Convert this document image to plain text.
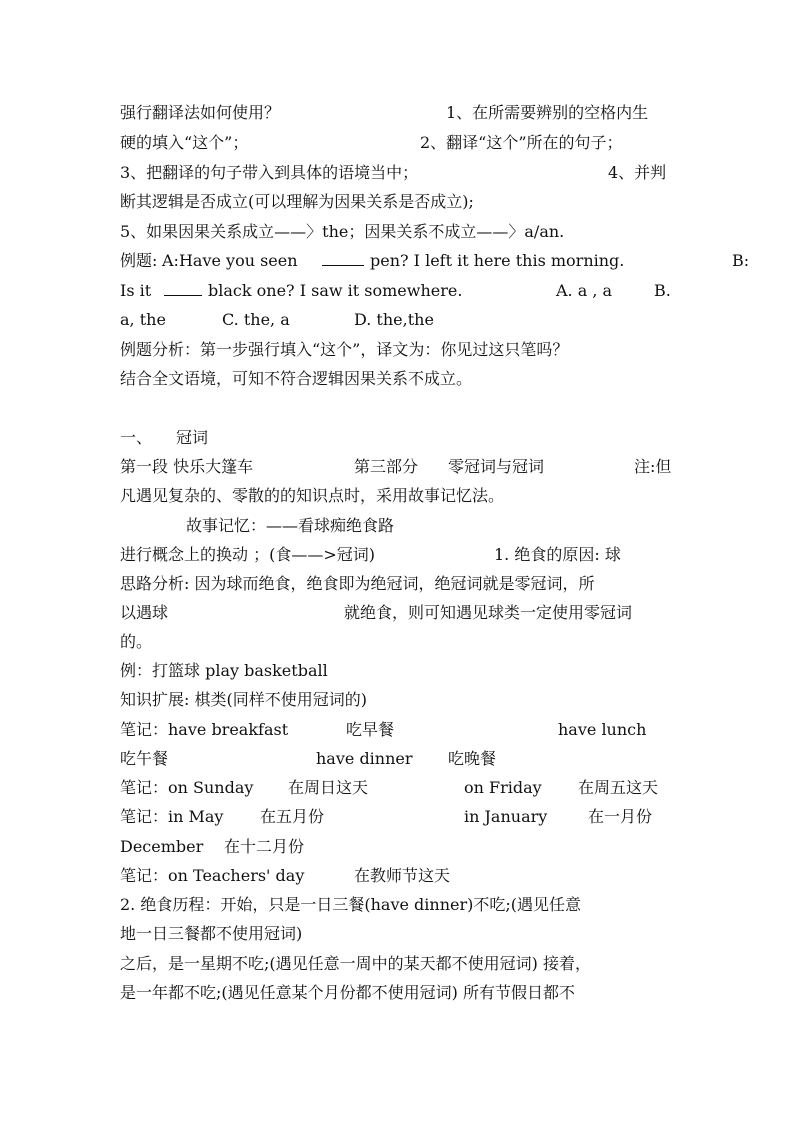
强行翻译法如何使用？	1、在所需要辨别的空格内生
硬的填入“这个”；	2、翻译“这个”所在的句子；
3、把翻译的句子带入到具体的语境当中；	4、并判
断其逻辑是否成立(可以理解为因果关系是否成立);
5、如果因果关系成立——〉the；因果关系不成立——〉a/an.
例题: A:Have you seen	pen? I left it here this morning.	B:
Is it	black one? I saw it somewhere.	A. a , a	B.
a, the	C. the, a	D. the,the
例题分析：第一步强行填入“这个”，译文为：你见过这只笔吗？
结合全文语境，可知不符合逻辑因果关系不成立。
一、 冠词
第一段 快乐大篷车	第三部分 零冠词与冠词	注:但
凡遇见复杂的、零散的的知识点时，采用故事记忆法。
故事记忆：——看球痴绝食路
进行概念上的换动 ；(食——>冠词)	1. 绝食的原因: 球
思路分析: 因为球而绝食，绝食即为绝冠词，绝冠词就是零冠词，所
以遇球	就绝食，则可知遇见球类一定使用零冠词
的。
例：打篮球 play basketball
知识扩展: 棋类(同样不使用冠词的)
笔记：have breakfast	吃早餐	have lunch
吃午餐	have dinner 吃晚餐
笔记：on Sunday 在周日这天	on Friday 在周五这天
笔记：in May 在五月份	in January	在一月份
December 在十二月份
笔记：on Teachers' day	在教师节这天
2. 绝食历程：开始，只是一日三餐(have dinner)不吃;(遇见任意
地一日三餐都不使用冠词)
之后，是一星期不吃;(遇见任意一周中的某天都不使用冠词) 接着，
是一年都不吃;(遇见任意某个月份都不使用冠词) 所有节假日都不
